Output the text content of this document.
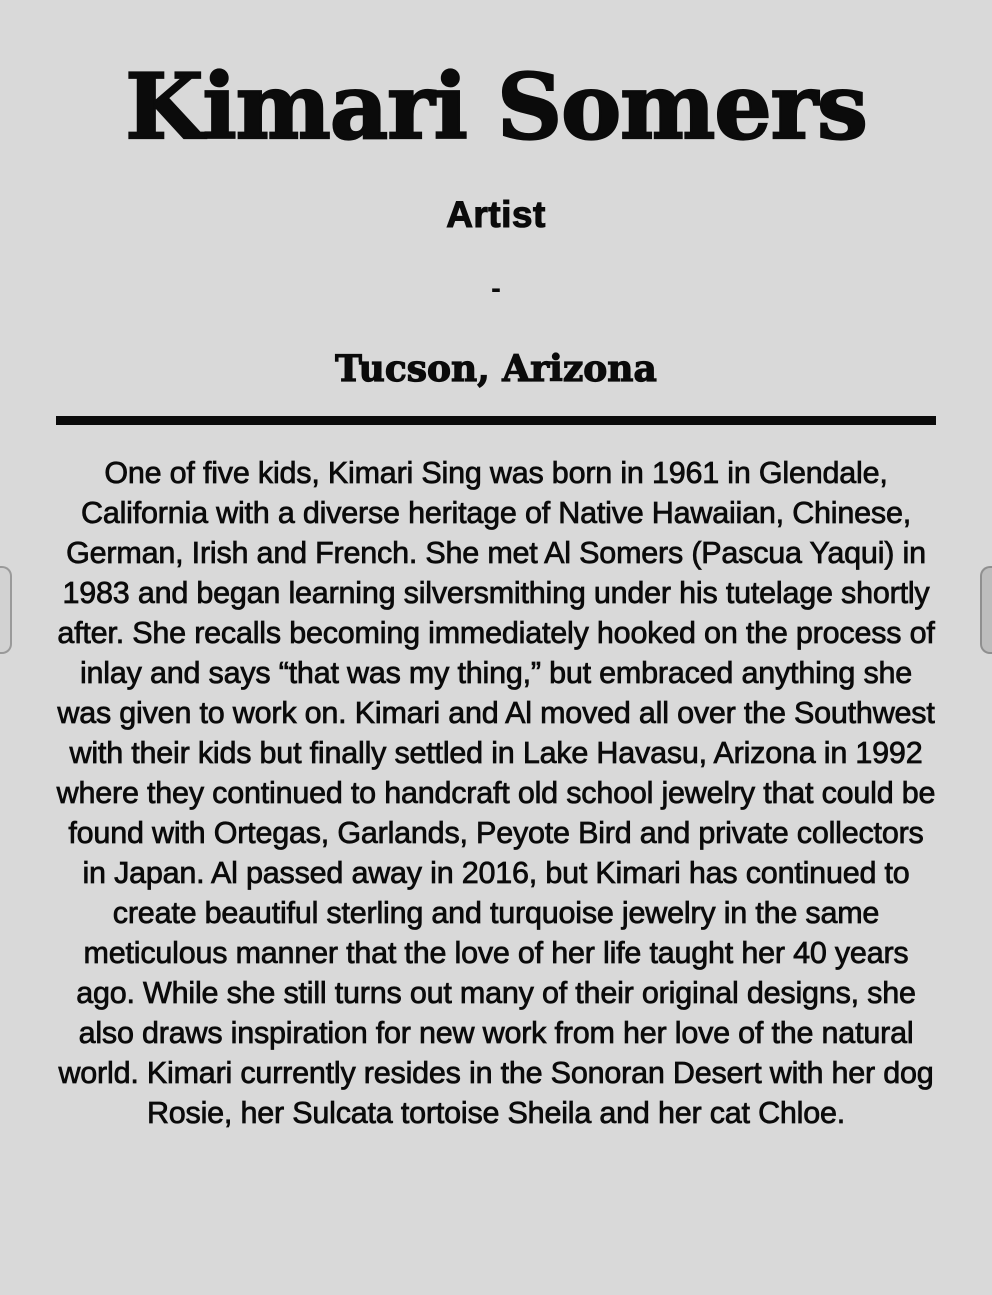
Kimari Somers
Artist
-
Tucson, Arizona

One of five kids, Kimari Sing was born in 1961 in Glendale, California with a diverse heritage of Native Hawaiian, Chinese, German, Irish and French. She met Al Somers (Pascua Yaqui) in 1983 and began learning silversmithing under his tutelage shortly after. She recalls becoming immediately hooked on the process of inlay and says “that was my thing,” but embraced anything she was given to work on. Kimari and Al moved all over the Southwest with their kids but finally settled in Lake Havasu, Arizona in 1992 where they continued to handcraft old school jewelry that could be found with Ortegas, Garlands, Peyote Bird and private collectors in Japan. Al passed away in 2016, but Kimari has continued to create beautiful sterling and turquoise jewelry in the same meticulous manner that the love of her life taught her 40 years ago. While she still turns out many of their original designs, she also draws inspiration for new work from her love of the natural world. Kimari currently resides in the Sonoran Desert with her dog Rosie, her Sulcata tortoise Sheila and her cat Chloe.
